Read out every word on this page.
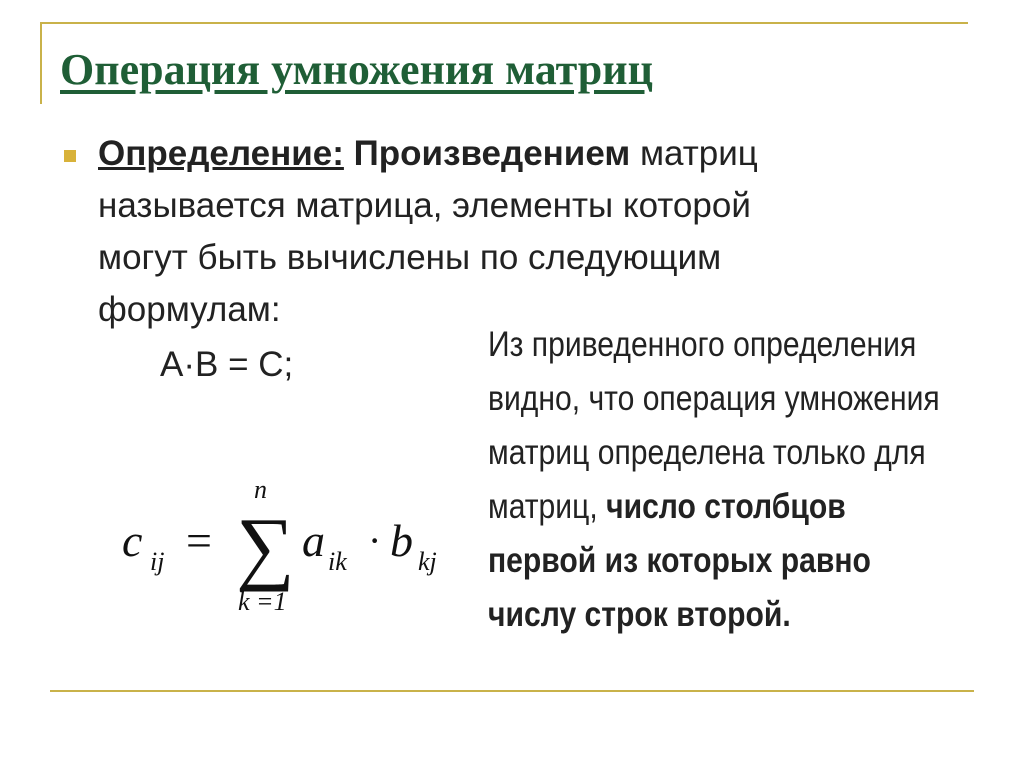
Операция умножения матриц
Определение: Произведением матриц
называется матрица, элементы которой
могут быть вычислены по следующим
формулам:
A·B = C;
c ij =
n
∑
k =1
a ik · b kj
Из приведенного определения видно, что операция умножения матриц определена только для матриц, число столбцов первой из которых равно числу строк второй.
